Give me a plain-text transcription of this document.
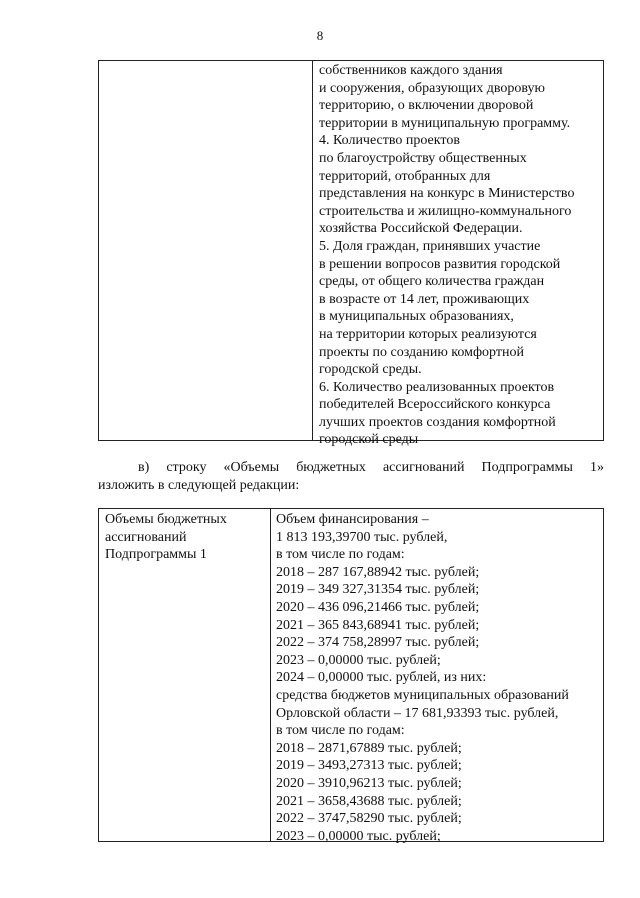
8
собственников каждого здания
и сооружения, образующих дворовую
территорию, о включении дворовой
территории в муниципальную программу.
4. Количество проектов
по благоустройству общественных
территорий, отобранных для
представления на конкурс в Министерство
строительства и жилищно-коммунального
хозяйства Российской Федерации.
5. Доля граждан, принявших участие
в решении вопросов развития городской
среды, от общего количества граждан
в возрасте от 14 лет, проживающих
в муниципальных образованиях,
на территории которых реализуются
проекты по созданию комфортной
городской среды.
6. Количество реализованных проектов
победителей Всероссийского конкурса
лучших проектов создания комфортной
городской среды
в) строку «Объемы бюджетных ассигнований Подпрограммы 1»
изложить в следующей редакции:
Объемы бюджетных
ассигнований
Подпрограммы 1
Объем финансирования –
1 813 193,39700 тыс. рублей,
в том числе по годам:
2018 – 287 167,88942 тыс. рублей;
2019 – 349 327,31354 тыс. рублей;
2020 – 436 096,21466 тыс. рублей;
2021 – 365 843,68941 тыс. рублей;
2022 – 374 758,28997 тыс. рублей;
2023 – 0,00000 тыс. рублей;
2024 – 0,00000 тыс. рублей, из них:
средства бюджетов муниципальных образований
Орловской области – 17 681,93393 тыс. рублей,
в том числе по годам:
2018 – 2871,67889 тыс. рублей;
2019 – 3493,27313 тыс. рублей;
2020 – 3910,96213 тыс. рублей;
2021 – 3658,43688 тыс. рублей;
2022 – 3747,58290 тыс. рублей;
2023 – 0,00000 тыс. рублей;
